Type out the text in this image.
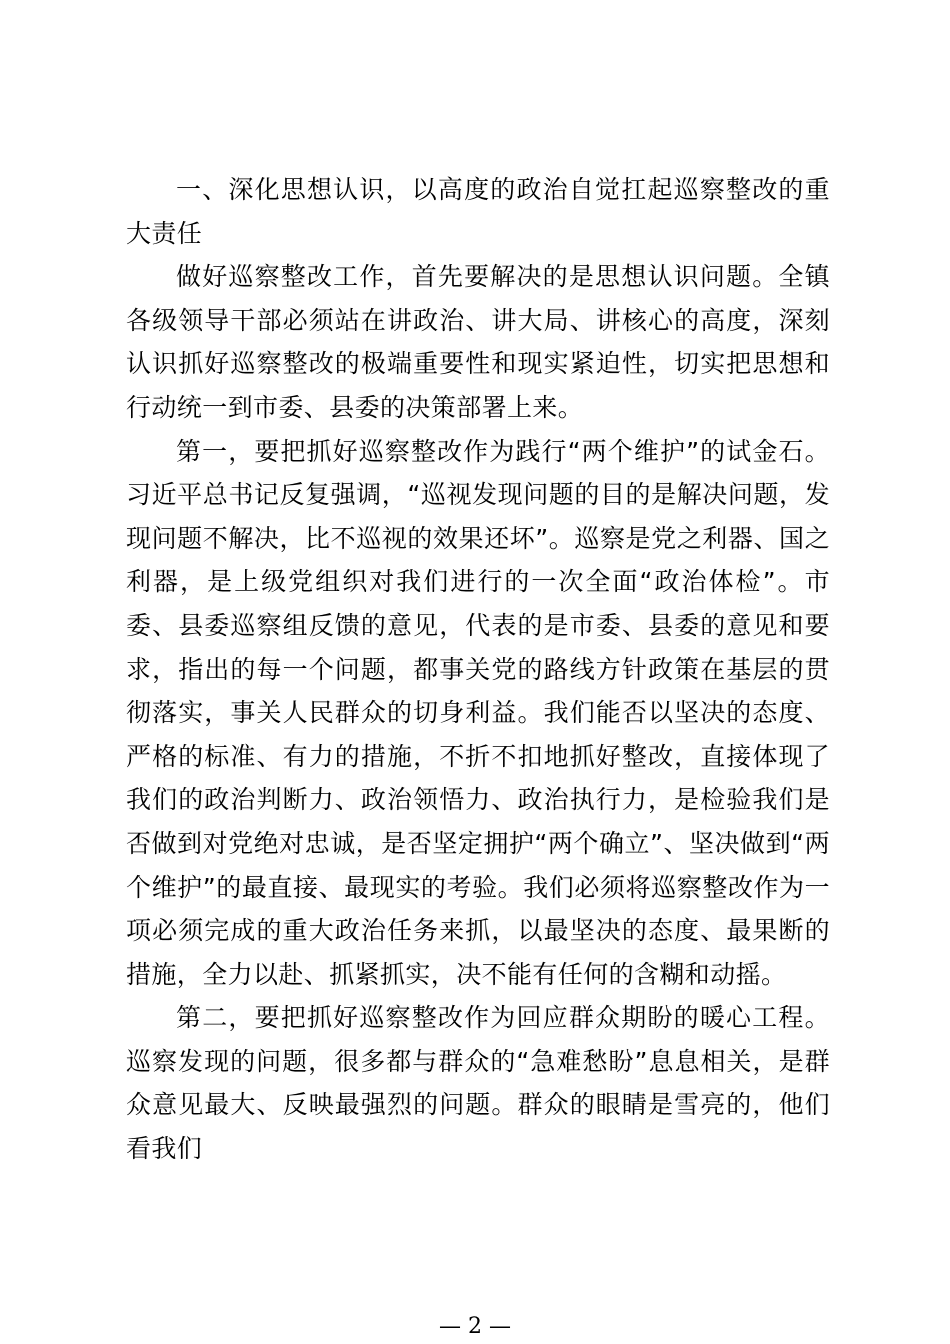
一、深化思想认识，以高度的政治自觉扛起巡察整改的重大责任

做好巡察整改工作，首先要解决的是思想认识问题。全镇各级领导干部必须站在讲政治、讲大局、讲核心的高度，深刻认识抓好巡察整改的极端重要性和现实紧迫性，切实把思想和行动统一到市委、县委的决策部署上来。

第一，要把抓好巡察整改作为践行“两个维护”的试金石。习近平总书记反复强调，“巡视发现问题的目的是解决问题，发现问题不解决，比不巡视的效果还坏”。巡察是党之利器、国之利器，是上级党组织对我们进行的一次全面“政治体检”。市委、县委巡察组反馈的意见，代表的是市委、县委的意见和要求，指出的每一个问题，都事关党的路线方针政策在基层的贯彻落实，事关人民群众的切身利益。我们能否以坚决的态度、严格的标准、有力的措施，不折不扣地抓好整改，直接体现了我们的政治判断力、政治领悟力、政治执行力，是检验我们是否做到对党绝对忠诚，是否坚定拥护“两个确立”、坚决做到“两个维护”的最直接、最现实的考验。我们必须将巡察整改作为一项必须完成的重大政治任务来抓，以最坚决的态度、最果断的措施，全力以赴、抓紧抓实，决不能有任何的含糊和动摇。

第二，要把抓好巡察整改作为回应群众期盼的暖心工程。巡察发现的问题，很多都与群众的“急难愁盼”息息相关，是群众意见最大、反映最强烈的问题。群众的眼睛是雪亮的，他们看我们

— 2 —
